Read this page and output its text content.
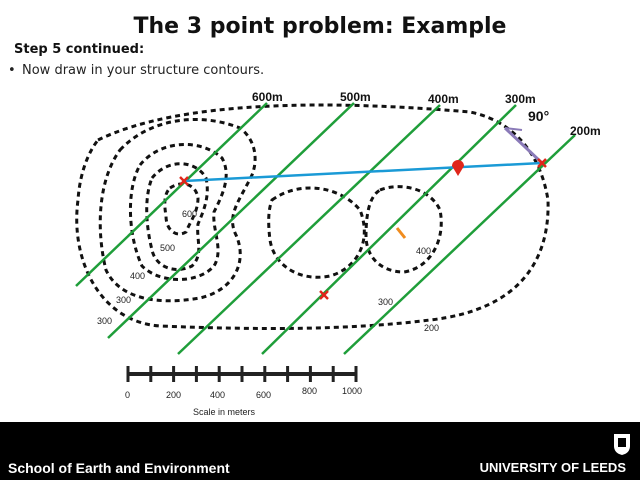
The 3 point problem: Example
Step 5 continued:
• Now draw in your structure contours.
600m	500m	400m	300m
200m
90°
600
500
400
300
300
400
300
200
0	200	400	600	800	1000
Scale in meters
School of Earth and Environment	UNIVERSITY OF LEEDS
